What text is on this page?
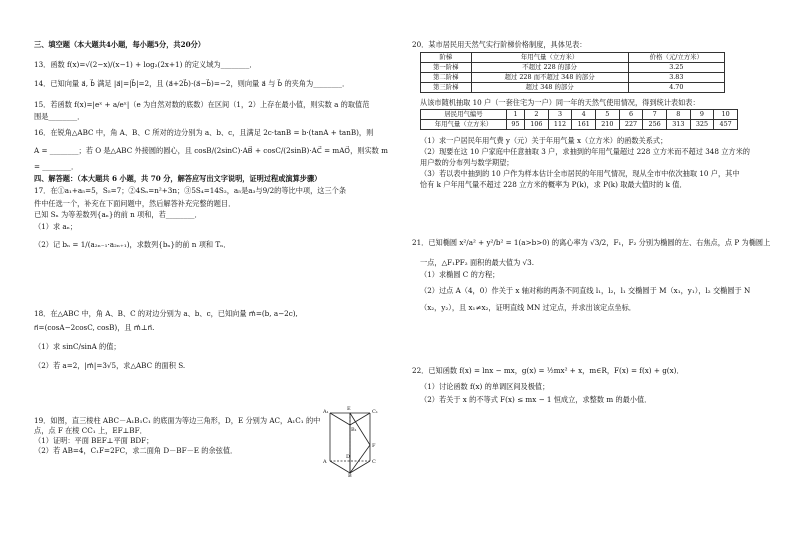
三、填空题（本大题共4小题，每小题5分，共20分）
13．函数 f(x)=√(2−x)/(x−1) + log₂(2x+1) 的定义域为________．
14．已知向量 a⃗, b⃗ 满足 |a⃗|=|b⃗|=2，且 (a⃗+2b⃗)·(a⃗−b⃗)=−2，则向量 a⃗ 与 b⃗ 的夹角为________．
15．若函数 f(x)=|eˣ + a/eˣ|（e 为自然对数的底数）在区间（1，2）上存在最小值，则实数 a 的取值范
围是________．
16．在锐角△ABC 中，角 A、B、C 所对的边分别为 a、b、c，且满足 2c·tanB = b·(tanA + tanB)，则
A = ________；若 O 是△ABC 外接圆的圆心，且 cosB/(2sinC)·AB⃗ + cosC/(2sinB)·AC⃗ = mAO⃗，则实数 m
= ________．
四、解答题：（本大题共 6 小题，共 70 分，解答应写出文字说明，证明过程或演算步骤）
17．在①a₁+a₅=5，S₅=7；②4Sₙ=n²+3n；③5S₄=14S₂，a₅是a₃与9/2的等比中项，这三个条
件中任选一个，补充在下面问题中，然后解答补充完整的题目．
已知 Sₙ 为等差数列{aₙ}的前 n 项和，若________．
（1）求 aₙ；
（2）记 bₙ = 1/(a₂ₙ₋₁·a₂ₙ₊₁)，求数列{bₙ}的前 n 项和 Tₙ．
18．在△ABC 中，角 A、B、C 的对边分别为 a、b、c，已知向量 m⃗=(b, a−2c),
n⃗=(cosA−2cosC, cosB)，且 m⃗⊥n⃗.
（1）求 sinC/sinA 的值；
（2）若 a=2，|m⃗|=3√5，求△ABC 的面积 S.
19．如图，直三棱柱 ABC－A₁B₁C₁ 的底面为等边三角形，D，E 分别为 AC，A₁C₁ 的中
点，点 F 在棱 CC₁ 上，EF⊥BF．
（1）证明：平面 BEF⊥平面 BDF；
（2）若 AB=4，C₁F=2FC，求二面角 D－BF－E 的余弦值．
A₁	E	C₁
B₁
F
A
D
C
B
20．某市居民用天然气实行阶梯价格制度，具体见表：
阶梯	年用气量（立方米）	价格（元/立方米）
第一阶梯	不超过 228 的部分	3.25
第二阶梯	超过 228 而不超过 348 的部分	3.83
第三阶梯	超过 348 的部分	4.70
从该市随机抽取 10 户（一套住宅为一户）同一年的天然气使用情况，得到统计表如表：
居民用气编号	1	2	3	4	5	6	7	8	9	10
年用气量（立方米）	95	106	112	161	210	227	256	313	325	457
（1）求一户居民年用气费 y（元）关于年用气量 x（立方米）的函数关系式；
（2）现要在这 10 户家庭中任意抽取 3 户，求抽到的年用气量超过 228 立方米而不超过 348 立方米的
用户数的分布列与数学期望；
（3）若以表中抽到的 10 户作为样本估计全市居民的年用气情况，现从全市中依次抽取 10 户，其中
恰有 k 户年用气量不超过 228 立方米的概率为 P(k)，求 P(k) 取最大值时的 k 值．
21．已知椭圆 x²/a² + y²/b² = 1(a>b>0) 的离心率为 √3/2，F₁，F₂ 分别为椭圆的左、右焦点，点 P 为椭圆上
一点，△F₁PF₂ 面积的最大值为 √3.
（1）求椭圆 C 的方程；
（2）过点 A（4，0）作关于 x 轴对称的两条不同直线 l₁，l₂，l₁ 交椭圆于 M（x₁，y₁），l₂ 交椭圆于 N
（x₂，y₂），且 x₁≠x₂，证明直线 MN 过定点，并求出该定点坐标．
22．已知函数 f(x) = lnx − mx，g(x) = ½mx² + x，m∈R，F(x) = f(x) + g(x)．
（1）讨论函数 f(x) 的单调区间及极值；
（2）若关于 x 的不等式 F(x) ≤ mx − 1 恒成立，求整数 m 的最小值．
